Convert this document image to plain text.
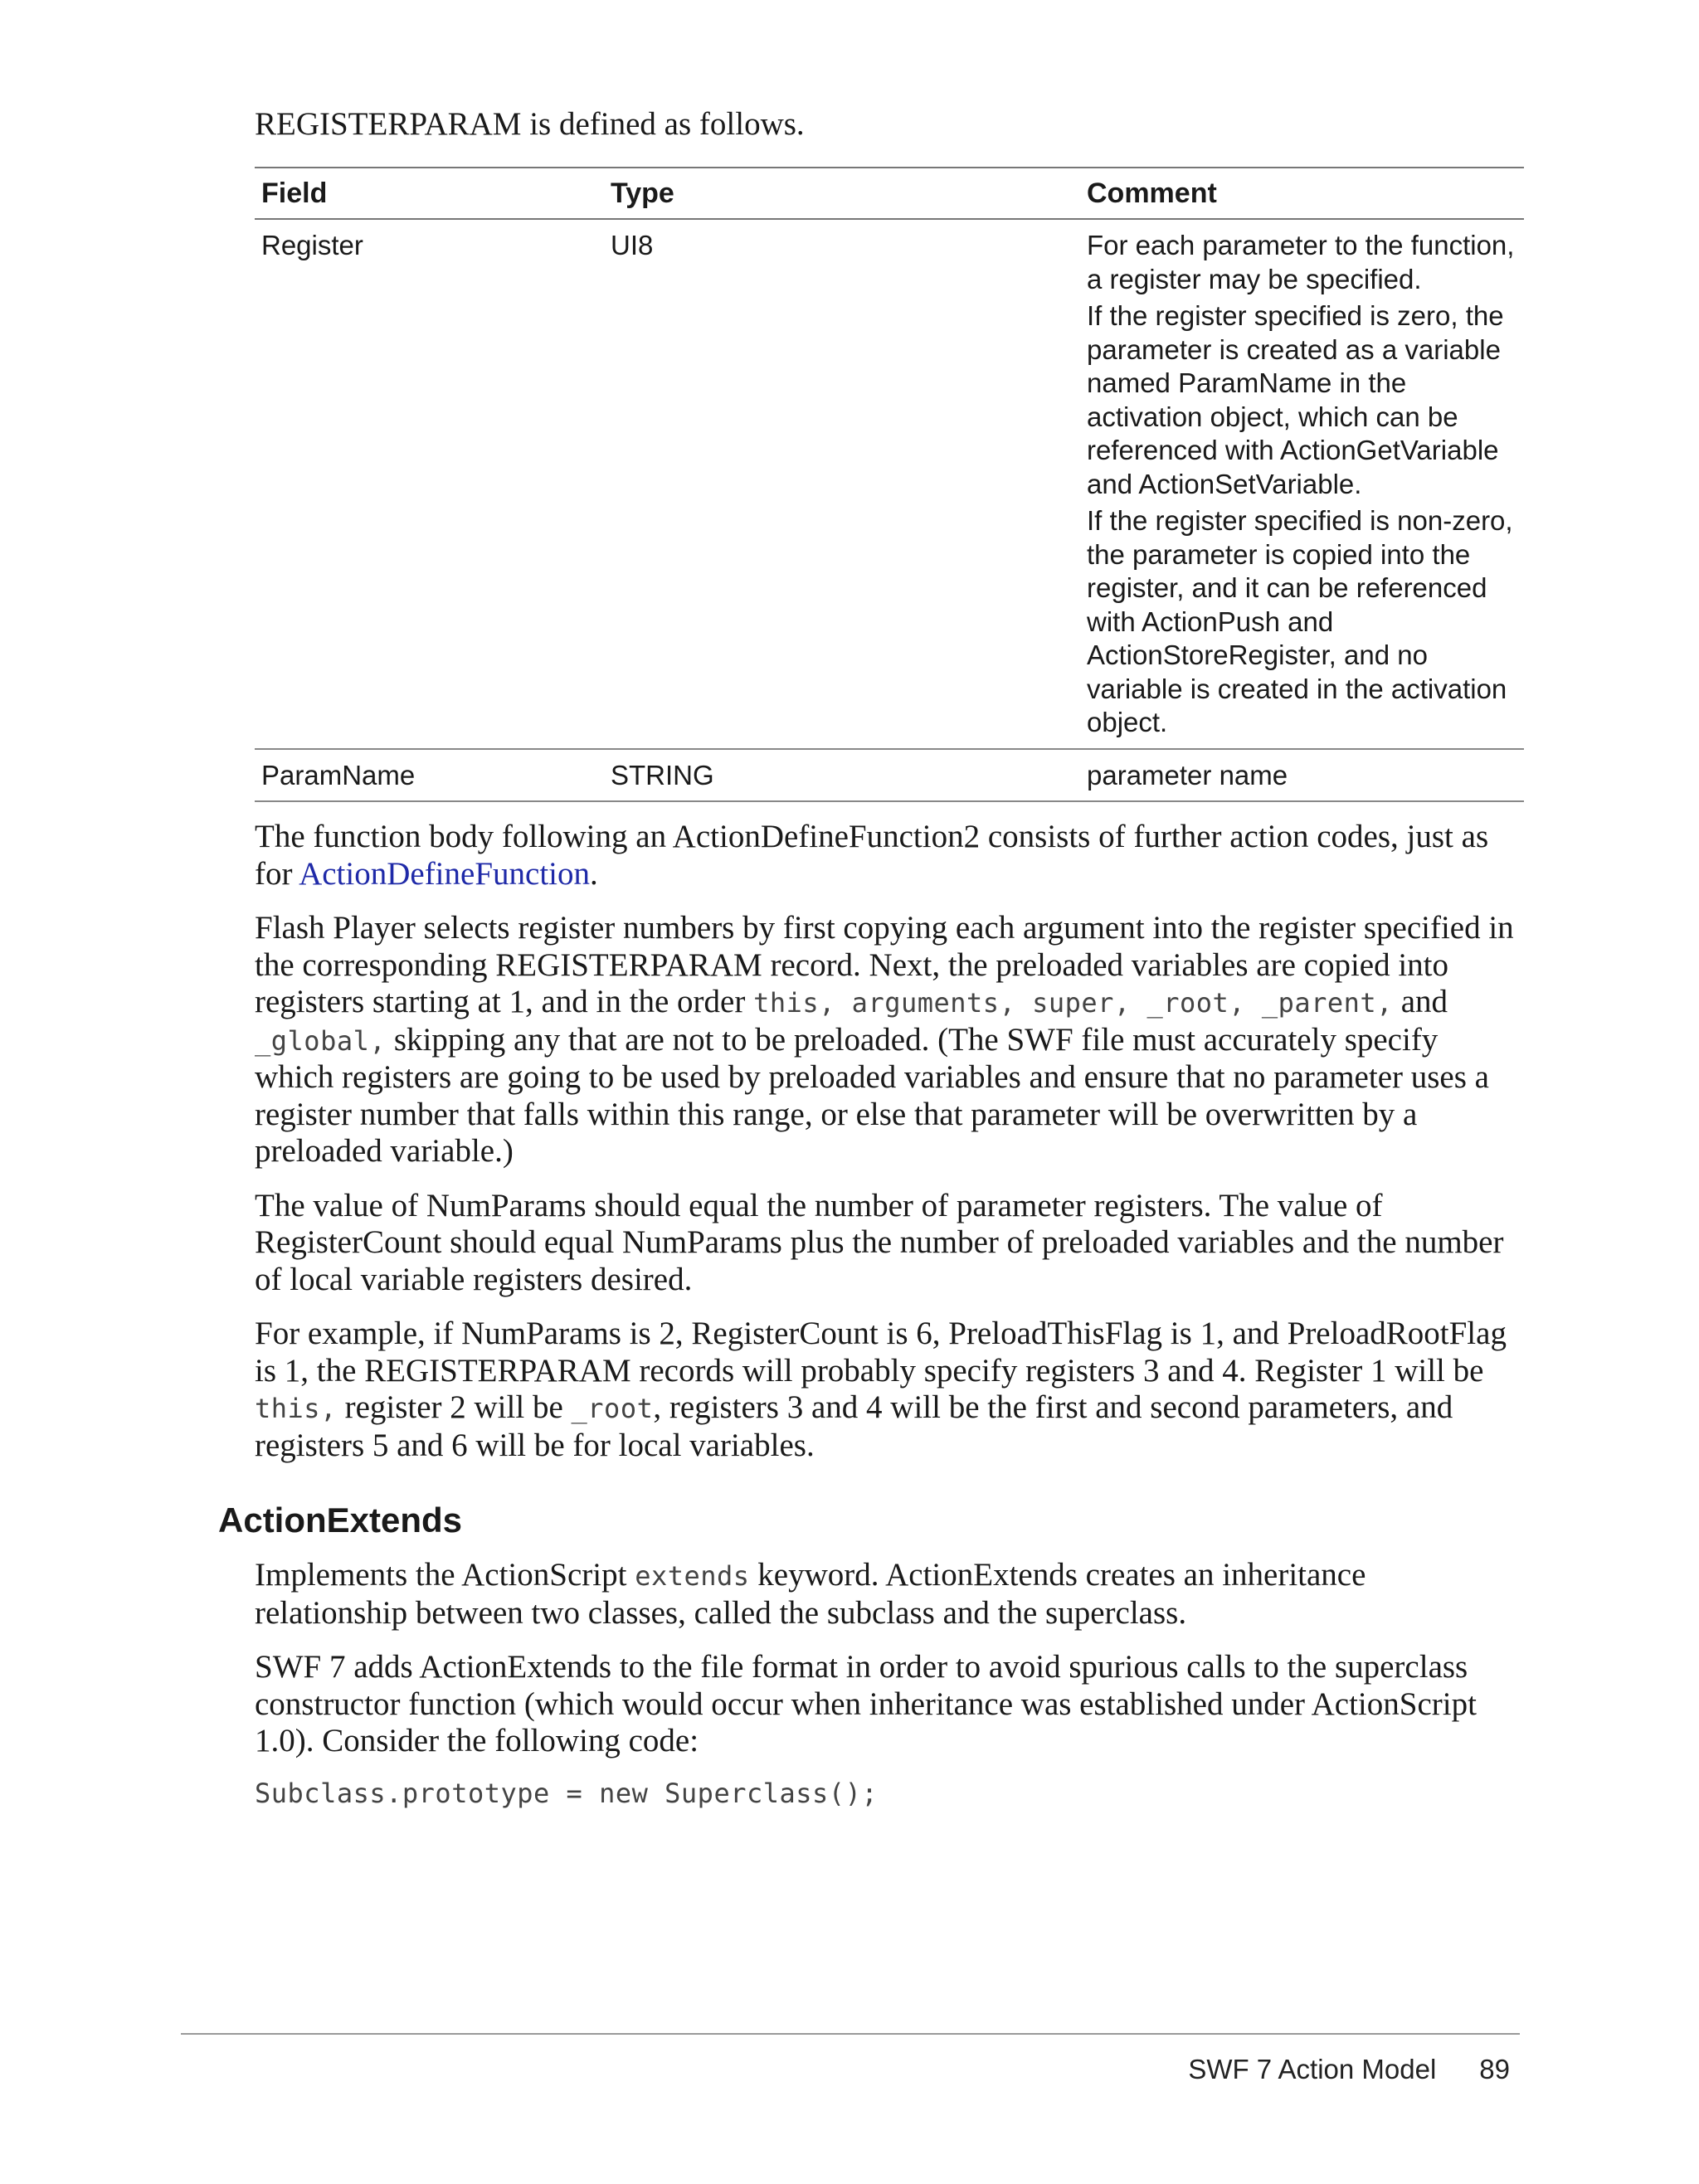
REGISTERPARAM is defined as follows.

Field	Type	Comment
Register	UI8	For each parameter to the function, a register may be specified.
If the register specified is zero, the parameter is created as a variable named ParamName in the activation object, which can be referenced with ActionGetVariable and ActionSetVariable.
If the register specified is non-zero, the parameter is copied into the register, and it can be referenced with ActionPush and ActionStoreRegister, and no variable is created in the activation object.

ParamName	STRING	parameter name

The function body following an ActionDefineFunction2 consists of further action codes, just as for ActionDefineFunction.

Flash Player selects register numbers by first copying each argument into the register specified in the corresponding REGISTERPARAM record. Next, the preloaded variables are copied into registers starting at 1, and in the order this, arguments, super, _root, _parent, and _global, skipping any that are not to be preloaded. (The SWF file must accurately specify which registers are going to be used by preloaded variables and ensure that no parameter uses a register number that falls within this range, or else that parameter will be overwritten by a preloaded variable.)

The value of NumParams should equal the number of parameter registers. The value of RegisterCount should equal NumParams plus the number of preloaded variables and the number of local variable registers desired.

For example, if NumParams is 2, RegisterCount is 6, PreloadThisFlag is 1, and PreloadRootFlag is 1, the REGISTERPARAM records will probably specify registers 3 and 4. Register 1 will be this, register 2 will be _root, registers 3 and 4 will be the first and second parameters, and registers 5 and 6 will be for local variables.

ActionExtends

Implements the ActionScript extends keyword. ActionExtends creates an inheritance relationship between two classes, called the subclass and the superclass.

SWF 7 adds ActionExtends to the file format in order to avoid spurious calls to the superclass constructor function (which would occur when inheritance was established under ActionScript 1.0). Consider the following code:

Subclass.prototype = new Superclass();
SWF 7 Action Model 89
